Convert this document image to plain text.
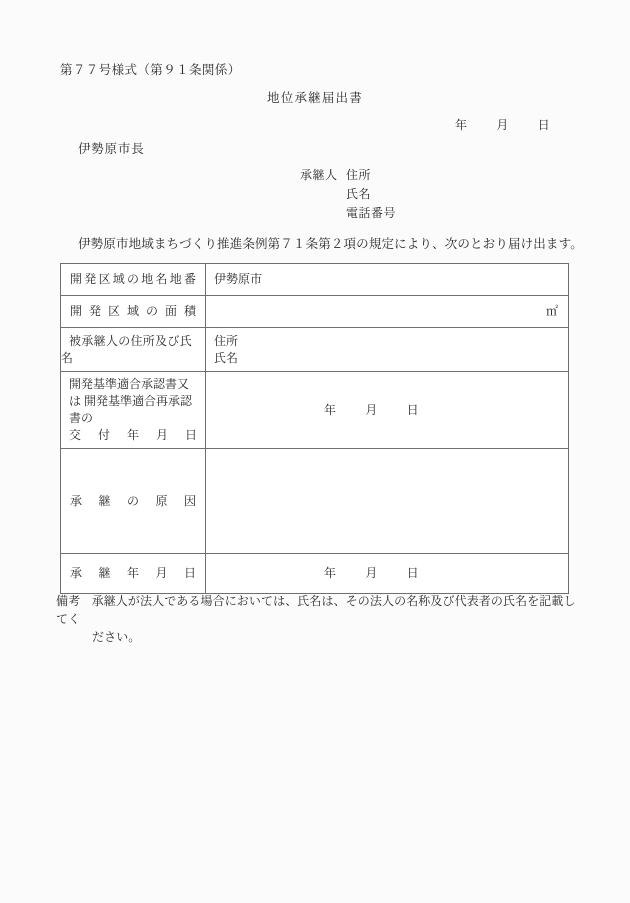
第７７号様式（第９１条関係）
地位承継届出書
年 月 日
伊勢原市長
承継人 住所
氏名
電話番号
伊勢原市地域まちづくり推進条例第７１条第２項の規定により、次のとおり届け出ます。
開発区域の地名地番	伊勢原市

開発区域の面積	㎡

被承継人の住所及び氏名	住所
氏名

開発基準適合承認書又は 開発基準適合再承認書の
交付年月日	年 月 日

承継の原因	

承継年月日	年 月 日
備考 承継人が法人である場合においては、氏名は、その法人の名称及び代表者の氏名を記載してく
ださい。
